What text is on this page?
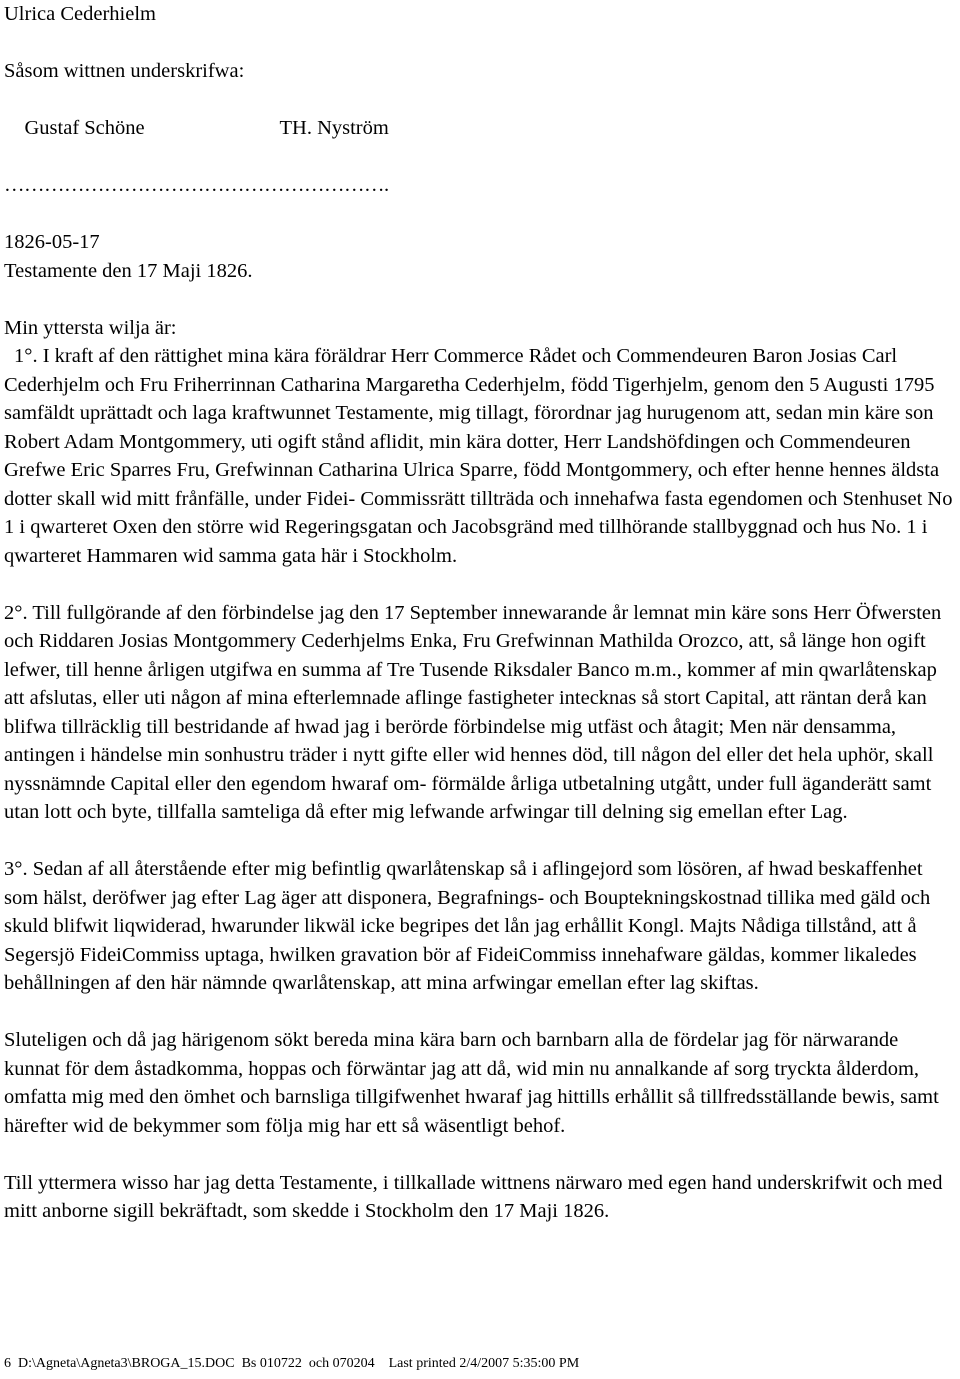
Ulrica Cederhielm
Såsom wittnen underskrifwa:

Gustaf Schöne	TH. Nyström

………………………………………………….
1826-05-17
Testamente den 17 Maji 1826.
Min yttersta wilja är:

1°. I kraft af den rättighet mina kära föräldrar Herr Commerce Rådet och Commendeuren Baron Josias Carl Cederhjelm och Fru Friherrinnan Catharina Margaretha Cederhjelm, född Tigerhjelm, genom den 5 Augusti 1795 samfäldt uprättadt och laga kraftwunnet Testamente, mig tillagt, förordnar jag hurugenom att, sedan min käre son Robert Adam Montgommery, uti ogift stånd aflidit, min kära dotter, Herr Landshöfdingen och Commendeuren Grefwe Eric Sparres Fru, Grefwinnan Catharina Ulrica Sparre, född Montgommery, och efter henne hennes äldsta dotter skall wid mitt frånfälle, under Fidei- Commissrätt tillträda och innehafwa fasta egendomen och Stenhuset No 1 i qwarteret Oxen den större wid Regeringsgatan och Jacobsgränd med tillhörande stallbyggnad och hus No. 1 i qwarteret Hammaren wid samma gata här i Stockholm.

2°. Till fullgörande af den förbindelse jag den 17 September innewarande år lemnat min käre sons Herr Öfwersten och Riddaren Josias Montgommery Cederhjelms Enka, Fru Grefwinnan Mathilda Orozco, att, så länge hon ogift lefwer, till henne årligen utgifwa en summa af Tre Tusende Riksdaler Banco m.m., kommer af min qwarlåtenskap att afslutas, eller uti någon af mina efterlemnade aflinge fastigheter intecknas så stort Capital, att räntan derå kan blifwa tillräcklig till bestridande af hwad jag i berörde förbindelse mig utfäst och åtagit; Men när densamma, antingen i händelse min sonhustru träder i nytt gifte eller wid hennes död, till någon del eller det hela uphör, skall nyssnämnde Capital eller den egendom hwaraf om- förmälde årliga utbetalning utgått, under full äganderätt samt utan lott och byte, tillfalla samteliga då efter mig lefwande arfwingar till delning sig emellan efter Lag.

3°. Sedan af all återstående efter mig befintlig qwarlåtenskap så i aflingejord som lösören, af hwad beskaffenhet som hälst, deröfwer jag efter Lag äger att disponera, Begrafnings- och Bouptekningskostnad tillika med gäld och skuld blifwit liqwiderad, hwarunder likwäl icke begripes det lån jag erhållit Kongl. Majts Nådiga tillstånd, att å Segersjö FideiCommiss uptaga, hwilken gravation bör af FideiCommiss innehafware gäldas, kommer likaledes behållningen af den här nämnde qwarlåtenskap, att mina arfwingar emellan efter lag skiftas.

Sluteligen och då jag härigenom sökt bereda mina kära barn och barnbarn alla de fördelar jag för närwarande kunnat för dem åstadkomma, hoppas och förwäntar jag att då, wid min nu annalkande af sorg tryckta ålderdom, omfatta mig med den ömhet och barnsliga tillgifwenhet hwaraf jag hittills erhållit så tillfredsställande bewis, samt härefter wid de bekymmer som följa mig har ett så wäsentligt behof.

Till yttermera wisso har jag detta Testamente, i tillkallade wittnens närwaro med egen hand underskrifwit och med mitt anborne sigill bekräftadt, som skedde i Stockholm den 17 Maji 1826.

6 D:\Agneta\Agneta3\BROGA_15.DOC Bs 010722  och 070204 Last printed 2/4/2007 5:35:00 PM
